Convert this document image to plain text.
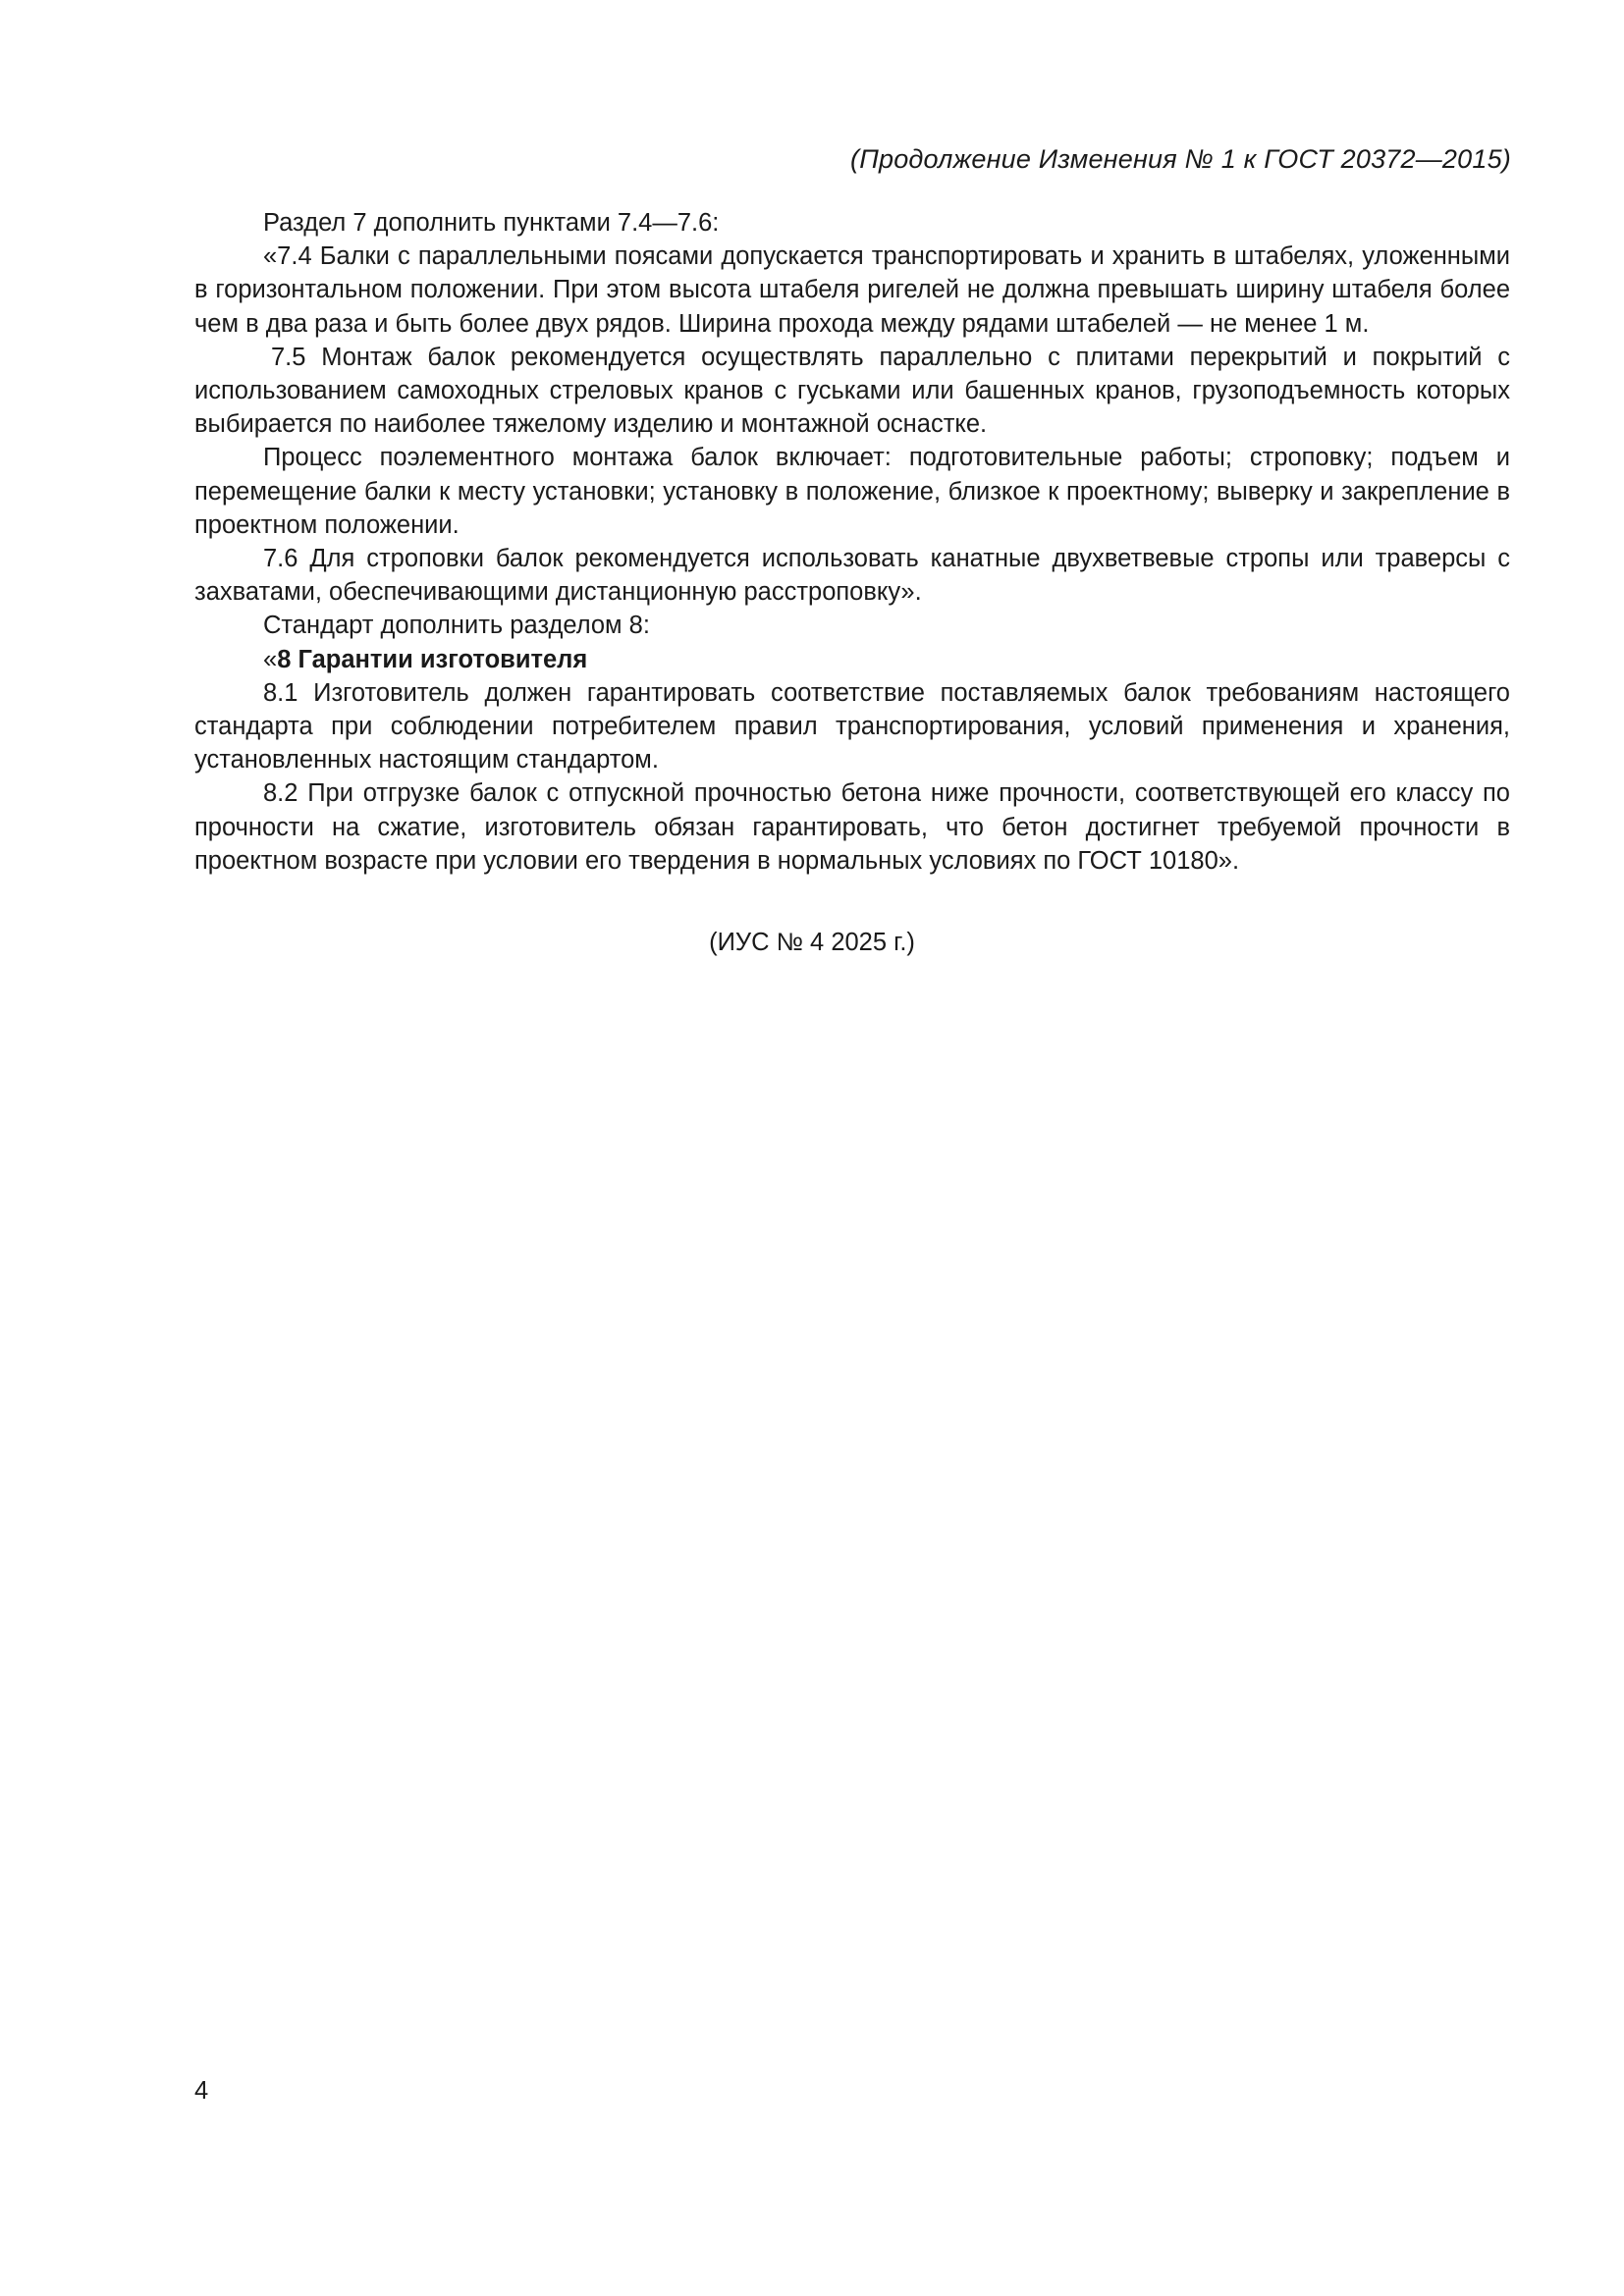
(Продолжение Изменения № 1 к ГОСТ 20372—2015)

Раздел 7 дополнить пунктами 7.4—7.6:

«7.4 Балки с параллельными поясами допускается транспортировать и хранить в штабелях, уложенными в горизонтальном положении. При этом высота штабеля ригелей не должна превышать ширину штабеля более чем в два раза и быть более двух рядов. Ширина прохода между рядами штабелей — не менее 1 м.

7.5 Монтаж балок рекомендуется осуществлять параллельно с плитами перекрытий и покрытий с использованием самоходных стреловых кранов с гуськами или башенных кранов, грузоподъемность которых выбирается по наиболее тяжелому изделию и монтажной оснастке.

Процесс поэлементного монтажа балок включает: подготовительные работы; строповку; подъем и перемещение балки к месту установки; установку в положение, близкое к проектному; выверку и закрепление в проектном положении.

7.6 Для строповки балок рекомендуется использовать канатные двухветвевые стропы или траверсы с захватами, обеспечивающими дистанционную расстроповку».

Стандарт дополнить разделом 8:

«8 Гарантии изготовителя

8.1 Изготовитель должен гарантировать соответствие поставляемых балок требованиям настоящего стандарта при соблюдении потребителем правил транспортирования, условий применения и хранения, установленных настоящим стандартом.

8.2 При отгрузке балок с отпускной прочностью бетона ниже прочности, соответствующей его классу по прочности на сжатие, изготовитель обязан гарантировать, что бетон достигнет требуемой прочности в проектном возрасте при условии его твердения в нормальных условиях по ГОСТ 10180».

(ИУС № 4 2025 г.)
4
